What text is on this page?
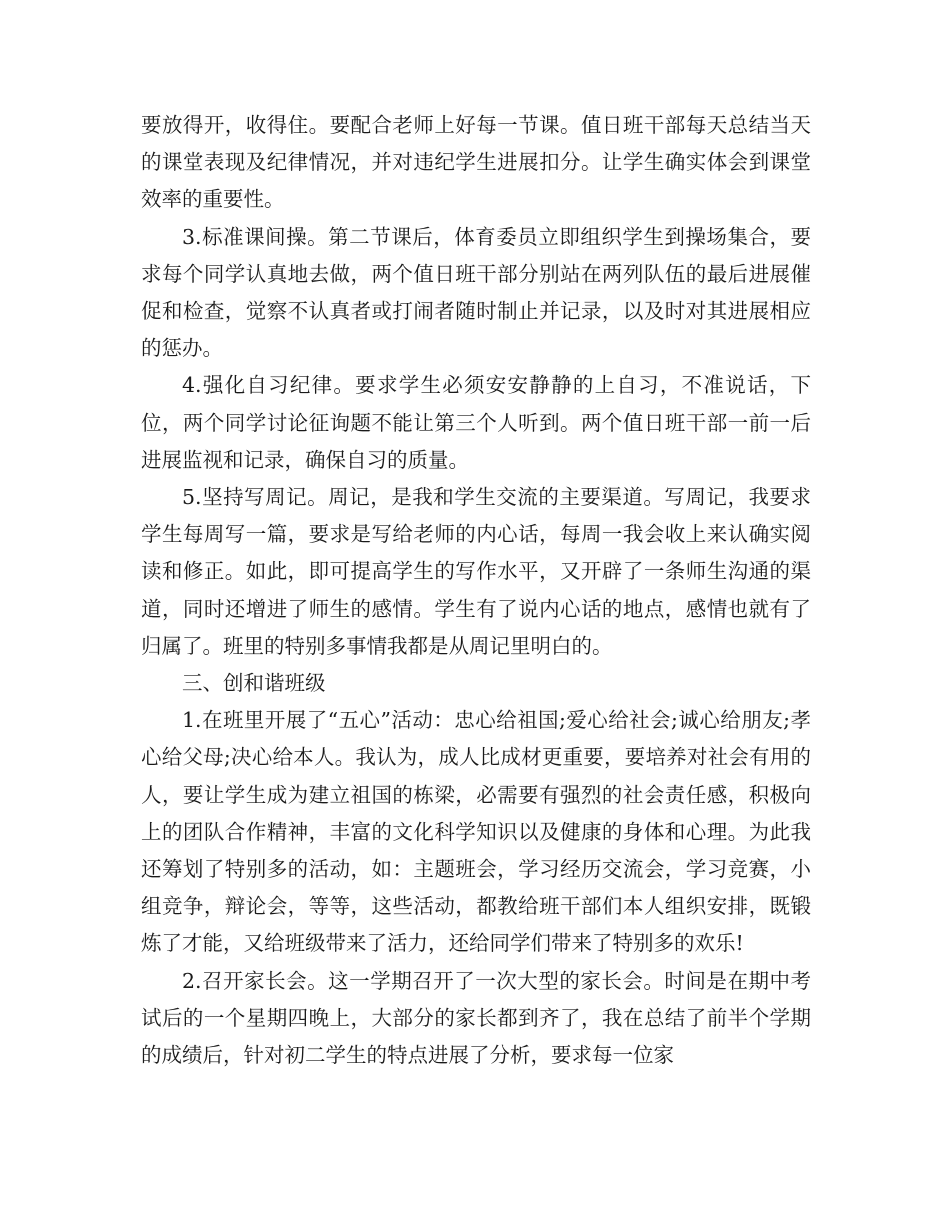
要放得开，收得住。要配合老师上好每一节课。值日班干部每天总结当天的课堂表现及纪律情况，并对违纪学生进展扣分。让学生确实体会到课堂效率的重要性。

3.标准课间操。第二节课后，体育委员立即组织学生到操场集合，要求每个同学认真地去做，两个值日班干部分别站在两列队伍的最后进展催促和检查，觉察不认真者或打闹者随时制止并记录，以及时对其进展相应的惩办。

4.强化自习纪律。要求学生必须安安静静的上自习，不准说话，下位，两个同学讨论征询题不能让第三个人听到。两个值日班干部一前一后进展监视和记录，确保自习的质量。

5.坚持写周记。周记，是我和学生交流的主要渠道。写周记，我要求学生每周写一篇，要求是写给老师的内心话，每周一我会收上来认确实阅读和修正。如此，即可提高学生的写作水平，又开辟了一条师生沟通的渠道，同时还增进了师生的感情。学生有了说内心话的地点，感情也就有了归属了。班里的特别多事情我都是从周记里明白的。

三、创和谐班级

1.在班里开展了“五心”活动：忠心给祖国;爱心给社会;诚心给朋友;孝心给父母;决心给本人。我认为，成人比成材更重要，要培养对社会有用的人，要让学生成为建立祖国的栋梁，必需要有强烈的社会责任感，积极向上的团队合作精神，丰富的文化科学知识以及健康的身体和心理。为此我还筹划了特别多的活动，如：主题班会，学习经历交流会，学习竞赛，小组竞争，辩论会，等等，这些活动，都教给班干部们本人组织安排，既锻炼了才能，又给班级带来了活力，还给同学们带来了特别多的欢乐!

2.召开家长会。这一学期召开了一次大型的家长会。时间是在期中考试后的一个星期四晚上，大部分的家长都到齐了，我在总结了前半个学期的成绩后，针对初二学生的特点进展了分析，要求每一位家
